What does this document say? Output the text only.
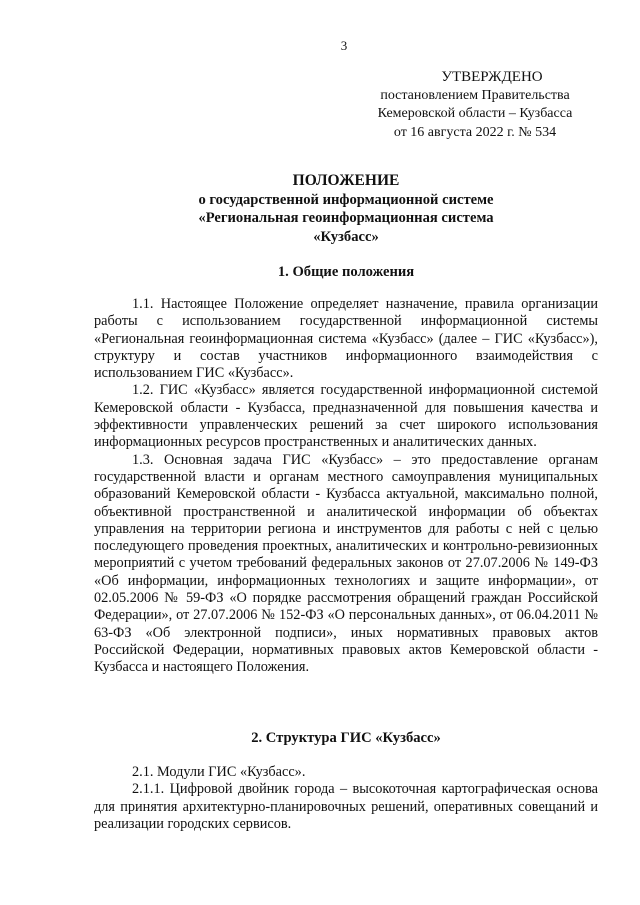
3
УТВЕРЖДЕНО
постановлением Правительства
Кемеровской области – Кузбасса
от 16 августа 2022 г. № 534
ПОЛОЖЕНИЕ
о государственной информационной системе
«Региональная геоинформационная система
«Кузбасс»
1. Общие положения

1.1. Настоящее Положение определяет назначение, правила организации работы с использованием государственной информационной системы «Региональная геоинформационная система «Кузбасс» (далее – ГИС «Кузбасс»), структуру и состав участников информационного взаимодействия с использованием ГИС «Кузбасс».

1.2. ГИС «Кузбасс» является государственной информационной системой Кемеровской области - Кузбасса, предназначенной для повышения качества и эффективности управленческих решений за счет широкого использования информационных ресурсов пространственных и аналитических данных.

1.3. Основная задача ГИС «Кузбасс» – это предоставление органам государственной власти и органам местного самоуправления муниципальных образований Кемеровской области - Кузбасса актуальной, максимально полной, объективной пространственной и аналитической информации об объектах управления на территории региона и инструментов для работы с ней с целью последующего проведения проектных, аналитических и контрольно-ревизионных мероприятий с учетом требований федеральных законов от 27.07.2006 № 149-ФЗ «Об информации, информационных технологиях и защите информации», от 02.05.2006 № 59-ФЗ «О порядке рассмотрения обращений граждан Российской Федерации», от 27.07.2006 № 152-ФЗ «О персональных данных», от 06.04.2011 № 63-ФЗ «Об электронной подписи», иных нормативных правовых актов Российской Федерации, нормативных правовых актов Кемеровской области - Кузбасса и настоящего Положения.

2. Структура ГИС «Кузбасс»

2.1. Модули ГИС «Кузбасс».

2.1.1. Цифровой двойник города – высокоточная картографическая основа для принятия архитектурно-планировочных решений, оперативных совещаний и реализации городских сервисов.
